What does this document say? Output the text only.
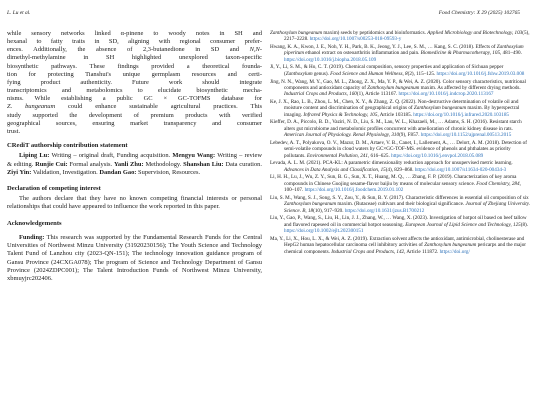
L. Lu et al.	Food Chemistry: X 29 (2025) 102765
while sensory networks linked α-pinene to woody notes in SH and
hexanal to fatty traits in SD, aligning with regional consumer prefer-
ences. Additionally, the absence of 2,3-butanedione in SD and N,N-
dimethyl-methylamine in SH highlighted unexplored taxon-specific
biosynthetic pathways. These findings provided a theoretical founda-
tion for protecting Tianshui's unique germplasm resources and certi-
fying product authenticity. Future work should integrate
transcriptomics and metabolomics to elucidate biosynthetic mecha-
nisms. While establishing a public GC × GC-TOFMS database for
Z. bungeanum could enhance sustainable agricultural practices. This
study supported the development of premium products with verified
geographical sources, ensuring market transparency and consumer
trust.
CRediT authorship contribution statement

Liping Lu: Writing – original draft, Funding acquisition. Mengyu Wang: Writing – review & editing. Runjie Cui: Formal analysis. Yanli Zhu: Methodology. Shanshan Liu: Data curation. Ziyi Yin: Validation, Investigation. Dandan Gao: Supervision, Resources.

Declaration of competing interest

The authors declare that they have no known competing financial interests or personal relationships that could have appeared to influence the work reported in this paper.

Acknowledgements

Funding: This research was supported by the Fundamental Research Funds for the Central Universities of Northwest Minzu University (31920230156); The Youth Science and Technology Talent Fund of Lanzhou city (2023-QN-151); The technology innovation guidance program of Gansu Province (24CXGA078); The program of Science and Technology Department of Gansu Province (2024ZDPC001); The Talent Introduction Funds of Northwest Minzu University, xbmuyjrc202406.

Zanthoxylum bungeanum maxim) seeds by peptidomics and bioinformatics. Applied Microbiology and Biotechnology, 103(5), 2217–2228. https://doi.org/10.1007/s00253-018-09593-y

Hwang, K. A., Kwon, J. E., Noh, Y. H., Park, B. K., Jeong, Y. J., Lee, S. M., … Kang, S. C. (2018). Effects of Zanthoxylum piperitum ethanol extract on osteoarthritis inflammation and pain. Biomedicine & Pharmacotherapy, 105, 481–490. https://doi.org/10.1016/j.biopha.2018.05.109

Ji, Y., Li, S. M., & Ho, C. T. (2019). Chemical composition, sensory properties and application of Sichuan pepper (Zanthoxylum genus). Food Science and Human Wellness, 8(2), 115–125. https://doi.org/10.1016/j.fshw.2019.03.008

Jing, N. N., Wang, M. Y., Gao, M. L., Zhong, Z. X., Ma, Y. P., & Wei, A. Z. (2020). Color sensory characteristics, nutritional components and antioxidant capacity of Zanthoxylum bungeanum maxim. As affected by different drying methods. Industrial Crops and Products, 160(1), Article 113167. https://doi.org/10.1016/j.indcrop.2020.113167

Ke, J. X., Rao, L. B., Zhou, L. M., Chen, X. Y., & Zhang, Z. Q. (2022). Non-destructive determination of volatile oil and moisture content and discrimination of geographical origins of Zanthoxylum bungeanum maxim. By hyperspectral imaging. Infrared Physics & Technology, 105, Article 103185. https://doi.org/10.1016/j.infrared.2020.103185

Kieffer, D. A., Piccolo, B. D., Vaziri, N. D., Liu, S. M., Lau, W. L., Khazaeli, M., … Adams, S. H. (2016). Resistant starch alters gut microbiome and metabolomic profiles concurrent with amelioration of chronic kidney disease in rats. American Journal of Physiology. Renal Physiology, 310(9), F857. https://doi.org/10.1152/ajprenal.00513.2015

Lebedev, A. T., Polyakova, O. V., Mazur, D. M., Artaev, V. B., Canet, I., Lallement, A., … Delort, A. M. (2018). Detection of semi-volatile compounds in cloud waters by GC×GC-TOF-MS. evidence of phenols and phthalates as priority pollutants. Environmental Pollution, 241, 616–625. https://doi.org/10.1016/j.envpol.2018.05.089

Levada, A. L. M. (2021). PCA-KL: A parametric dimensionality reduction approach for unsupervised metric learning. Advances in Data Analysis and Classification, 15(4), 829–868. https://doi.org/10.1007/s11634-020-00434-3

Li, H. H., Lu, J., Wu, Z. Y., Sun, B. G., Sun, X. T., Huang, M. Q., … Zhang, F. P. (2019). Characterization of key aroma compounds in Chinese Guojing sesame-flavor baijiu by means of molecular sensory science. Food Chemistry, 284, 100–107. https://doi.org/10.1016/j.foodchem.2019.01.102

Liu, S. M., Wang, S. J., Song, S. Y., Zou, Y., & Sun, B. Y. (2017). Characteristic differences in essential oil composition of six Zanthoxylum bungeanum maxim. (Rutaceae) cultivars and their biological significance. Journal of Zhejiang University. Science. B, 18(10), 917–920. https://doi.org/10.1631/jzus.B1700212

Liu, Y., Gao, P., Wang, S., Liu, H., Lin, J. J., Zhang, W., … Wang, X. (2023). Investigation of hotpot oil based on beef tallow and flavored rapeseed oil in commercial hotpot seasoning. European Journal of Lipid Science and Technology, 125(8). https://doi.org/10.1002/ejlt.202300151

Ma, Y., Li, X., Hou, L. X., & Wei, A. Z. (2019). Extraction solvent affects the antioxidant, antimicrobial, cholinesterase and HepG2 human hepatocellular carcinoma cell inhibitory activities of Zanthoxylum bungeanum pericarps and the major chemical components. Industrial Crops and Products, 142, Article 111872. https://doi.org/
